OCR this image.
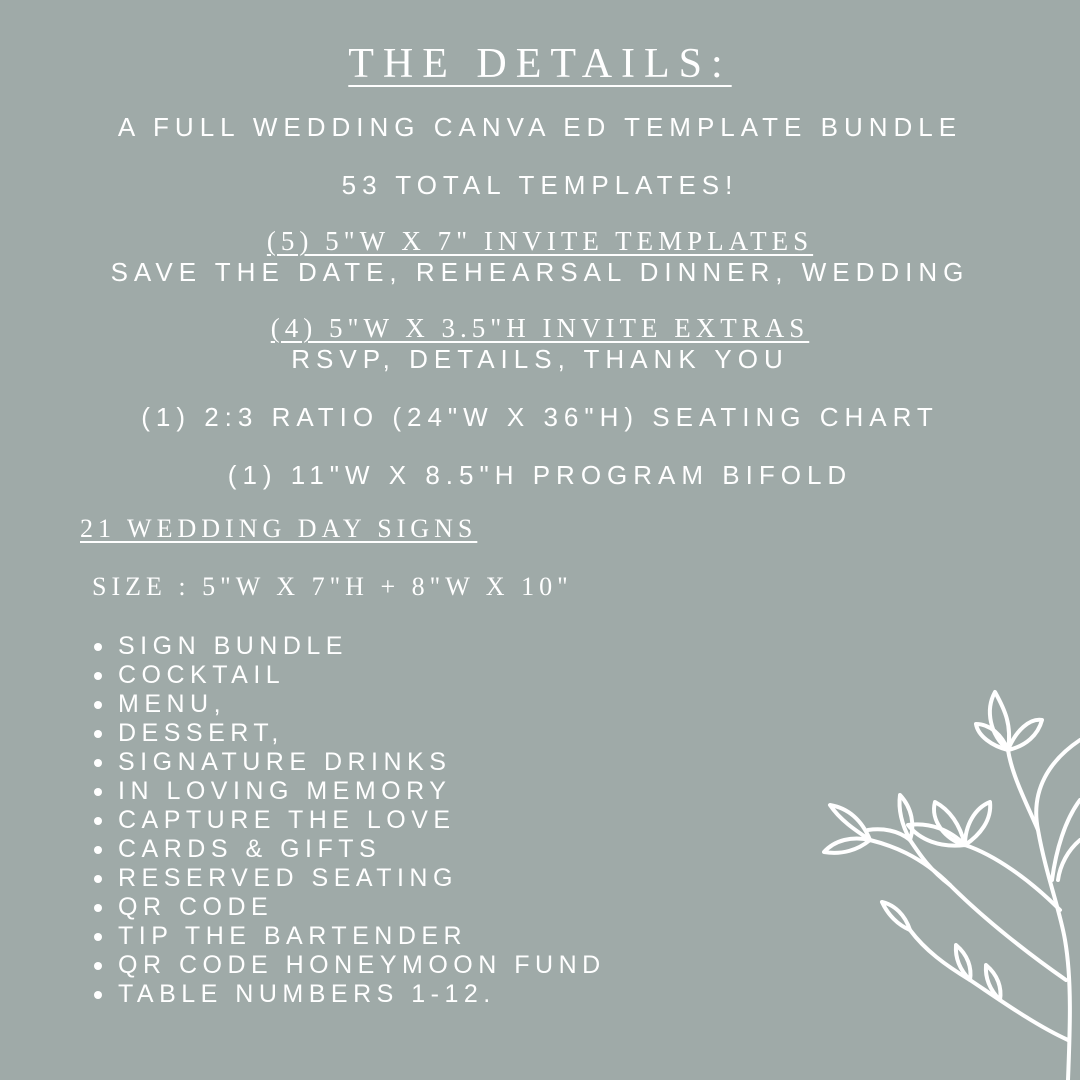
THE DETAILS:
A FULL WEDDING CANVA ED TEMPLATE BUNDLE
53 TOTAL TEMPLATES!
(5) 5"W X 7" INVITE TEMPLATES
SAVE THE DATE, REHEARSAL DINNER, WEDDING
(4) 5"W X 3.5"H INVITE EXTRAS
RSVP, DETAILS, THANK YOU
(1) 2:3 RATIO (24"W X 36"H) SEATING CHART
(1) 11"W X 8.5"H PROGRAM BIFOLD
21 WEDDING DAY SIGNS
SIZE : 5"W X 7"H + 8"W X 10"
SIGN BUNDLE
COCKTAIL
MENU,
DESSERT,
SIGNATURE DRINKS
IN LOVING MEMORY
CAPTURE THE LOVE
CARDS & GIFTS
RESERVED SEATING
QR CODE
TIP THE BARTENDER
QR CODE HONEYMOON FUND
TABLE NUMBERS 1-12.
